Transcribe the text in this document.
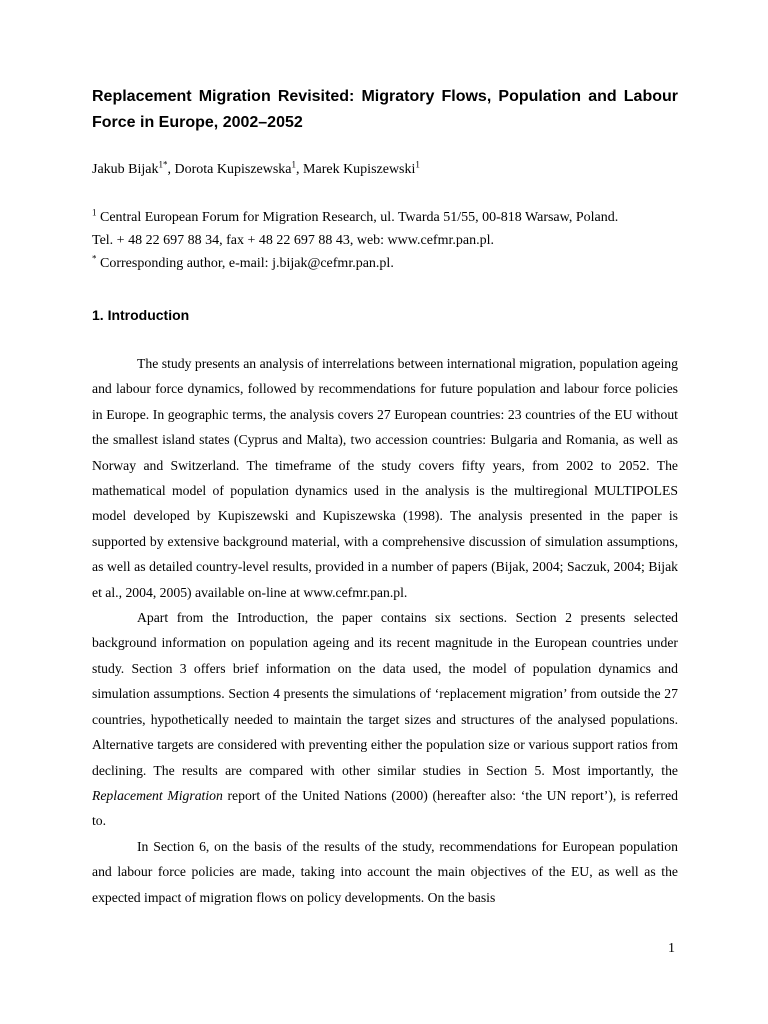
Replacement Migration Revisited: Migratory Flows, Population and Labour Force in Europe, 2002–2052
Jakub Bijak$^{1*}$, Dorota Kupiszewska$^1$, Marek Kupiszewski$^1$
$^1$ Central European Forum for Migration Research, ul. Twarda 51/55, 00-818 Warsaw, Poland.
Tel. + 48 22 697 88 34, fax + 48 22 697 88 43, web: www.cefmr.pan.pl.
* Corresponding author, e-mail: j.bijak@cefmr.pan.pl.
1. Introduction

The study presents an analysis of interrelations between international migration, population ageing and labour force dynamics, followed by recommendations for future population and labour force policies in Europe. In geographic terms, the analysis covers 27 European countries: 23 countries of the EU without the smallest island states (Cyprus and Malta), two accession countries: Bulgaria and Romania, as well as Norway and Switzerland. The timeframe of the study covers fifty years, from 2002 to 2052. The mathematical model of population dynamics used in the analysis is the multiregional MULTIPOLES model developed by Kupiszewski and Kupiszewska (1998). The analysis presented in the paper is supported by extensive background material, with a comprehensive discussion of simulation assumptions, as well as detailed country-level results, provided in a number of papers (Bijak, 2004; Saczuk, 2004; Bijak et al., 2004, 2005) available on-line at www.cefmr.pan.pl.

Apart from the Introduction, the paper contains six sections. Section 2 presents selected background information on population ageing and its recent magnitude in the European countries under study. Section 3 offers brief information on the data used, the model of population dynamics and simulation assumptions. Section 4 presents the simulations of ‘replacement migration’ from outside the 27 countries, hypothetically needed to maintain the target sizes and structures of the analysed populations. Alternative targets are considered with preventing either the population size or various support ratios from declining. The results are compared with other similar studies in Section 5. Most importantly, the Replacement Migration report of the United Nations (2000) (hereafter also: ‘the UN report’), is referred to.

In Section 6, on the basis of the results of the study, recommendations for European population and labour force policies are made, taking into account the main objectives of the EU, as well as the expected impact of migration flows on policy developments. On the basis

1
